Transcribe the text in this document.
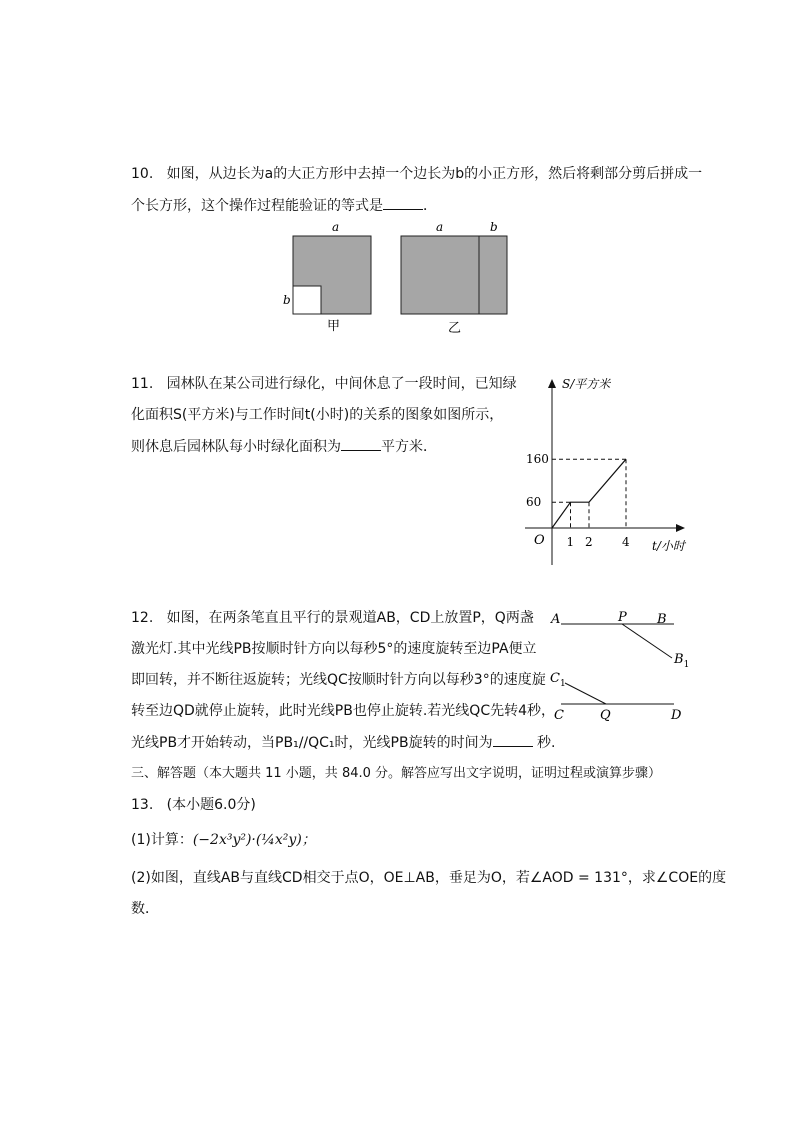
10. 如图，从边长为a的大正方形中去掉一个边长为b的小正方形，然后将剩部分剪后拼成一
个长方形，这个操作过程能验证的等式是	．
a
b
甲
a	b
乙
11. 园林队在某公司进行绿化，中间休息了一段时间，已知绿
化面积S(平方米)与工作时间t(小时)的关系的图象如图所示，
则休息后园林队每小时绿化面积为	平方米．
S/平方米
t/小时
O 1 2 4
60
160
12. 如图，在两条笔直且平行的景观道AB，CD上放置P，Q两盏
激光灯.其中光线PB按顺时针方向以每秒5°的速度旋转至边PA便立
即回转，并不断往返旋转；光线QC按顺时针方向以每秒3°的速度旋
转至边QD就停止旋转，此时光线PB也停止旋转.若光线QC先转4秒，
光线PB才开始转动，当PB₁//QC₁时，光线PB旋转的时间为	秒.
A	P B
$B_1$
$C_1$
C	Q	D
三、解答题（本大题共 11 小题，共 84.0 分。解答应写出文字说明，证明过程或演算步骤）
13. (本小题6.0分)
(1)计算：(−2x³y²)·(¼x²y)；
(2)如图，直线AB与直线CD相交于点O，OE⊥AB，垂足为O，若∠AOD = 131°，求∠COE的度
数．
